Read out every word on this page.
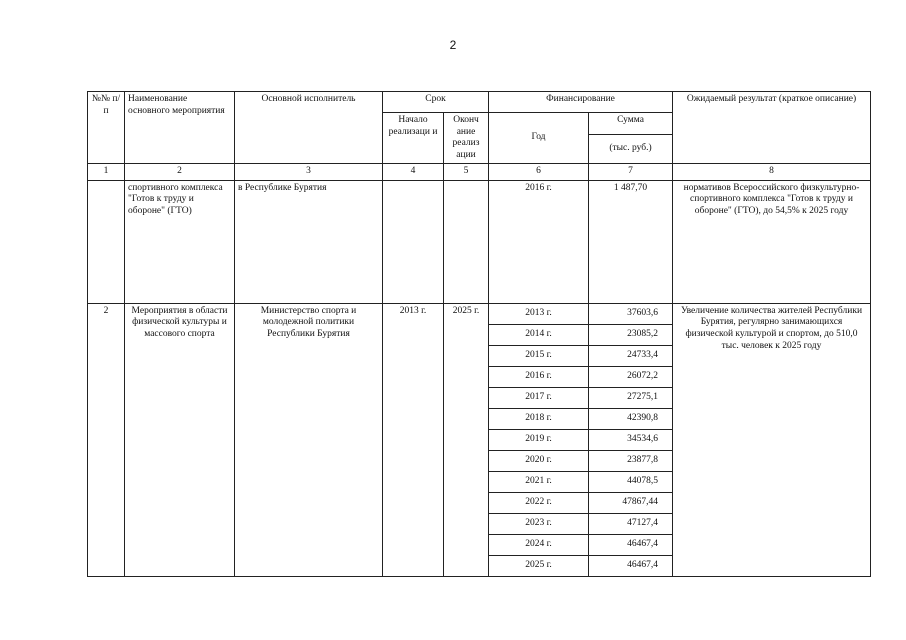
2
№№ п/п	Наименование основного мероприятия	Основной исполнитель	Срок		Финансирование		Ожидаемый результат (краткое описание)
			Начало реализаци и	Оконч ание реализ ации	Год	Сумма	
						(тыс. руб.)	
1	2	3	4	5	6	7	8
	спортивного комплекса "Готов к труду и обороне" (ГТО)	в Республике Бурятия			2016 г.	1 487,70	нормативов Всероссийского физкультурно-спортивного комплекса "Готов к труду и обороне" (ГТО), до 54,5% к 2025 году
2	Мероприятия в области физической культуры и массового спорта	Министерство спорта и молодежной политики Республики Бурятия	2013 г.	2025 г.	2013 г.	37603,6	Увеличение количества жителей Республики Бурятия, регулярно занимающихся физической культурой и спортом, до 510,0 тыс. человек к 2025 году
					2014 г.	23085,2	
					2015 г.	24733,4	
					2016 г.	26072,2	
					2017 г.	27275,1	
					2018 г.	42390,8	
					2019 г.	34534,6	
					2020 г.	23877,8	
					2021 г.	44078,5	
					2022 г.	47867,44	
					2023 г.	47127,4	
					2024 г.	46467,4	
					2025 г.	46467,4	
